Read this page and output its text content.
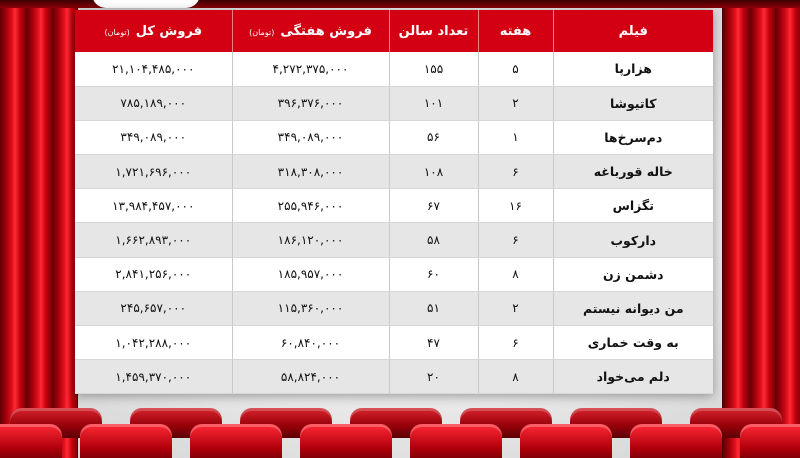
فیلم	هفته	تعداد سالن	فروش هفتگی(تومان)	فروش کل(تومان)
هزارپا	۵	۱۵۵	۴,۲۷۲,۳۷۵,۰۰۰	۲۱,۱۰۴,۴۸۵,۰۰۰
کاتیوشا	۲	۱۰۱	۳۹۶,۳۷۶,۰۰۰	۷۸۵,۱۸۹,۰۰۰
دم‌سرخ‌ها	۱	۵۶	۳۴۹,۰۸۹,۰۰۰	۳۴۹,۰۸۹,۰۰۰
خاله قورباغه	۶	۱۰۸	۳۱۸,۳۰۸,۰۰۰	۱,۷۲۱,۶۹۶,۰۰۰
تگزاس	۱۶	۶۷	۲۵۵,۹۴۶,۰۰۰	۱۳,۹۸۴,۴۵۷,۰۰۰
دارکوب	۶	۵۸	۱۸۶,۱۲۰,۰۰۰	۱,۶۶۲,۸۹۳,۰۰۰
دشمن زن	۸	۶۰	۱۸۵,۹۵۷,۰۰۰	۲,۸۴۱,۲۵۶,۰۰۰
من دیوانه نیستم	۲	۵۱	۱۱۵,۳۶۰,۰۰۰	۲۴۵,۶۵۷,۰۰۰
به وقت خماری	۶	۴۷	۶۰,۸۴۰,۰۰۰	۱,۰۴۲,۲۸۸,۰۰۰
دلم می‌خواد	۸	۲۰	۵۸,۸۲۴,۰۰۰	۱,۴۵۹,۳۷۰,۰۰۰
